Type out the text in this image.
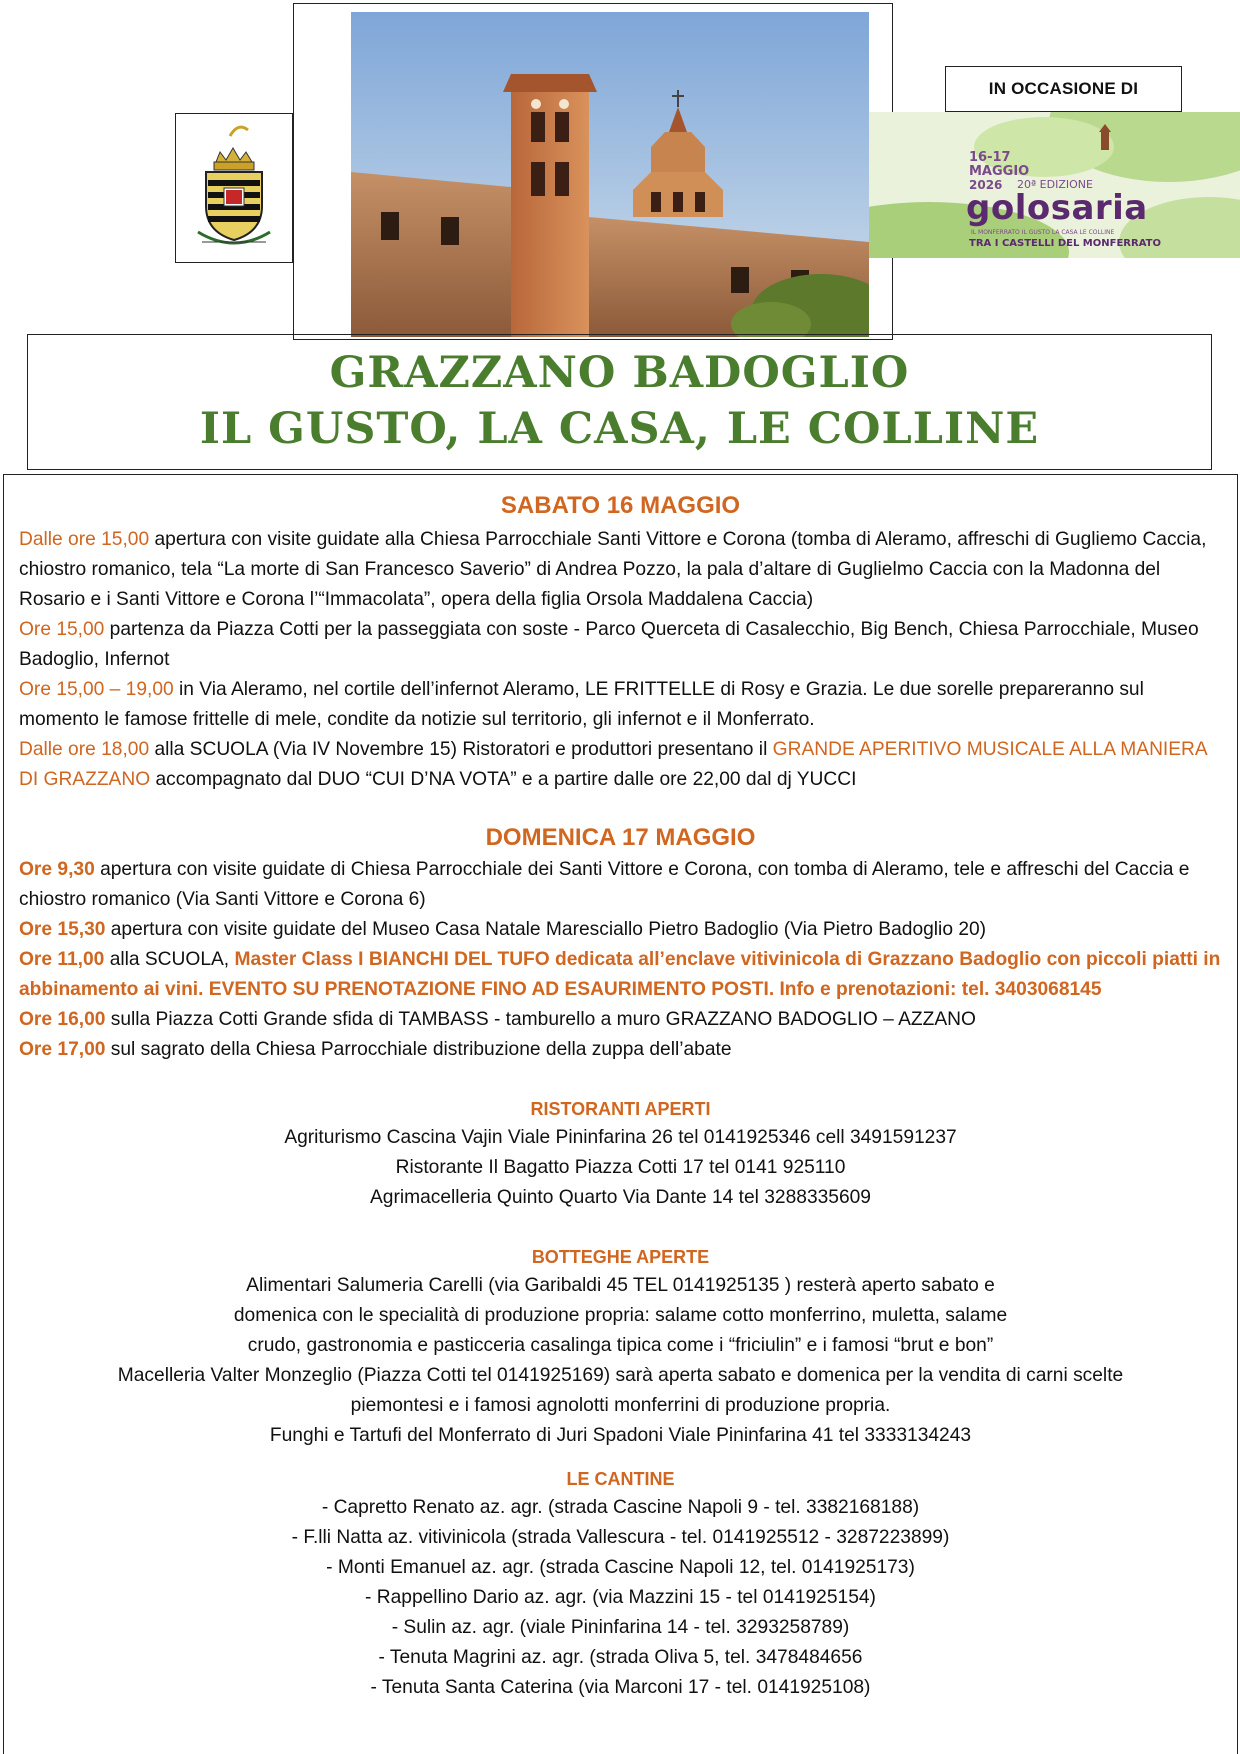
IN OCCASIONE DI
16-17
MAGGIO
2026 20ª EDIZIONE
golosaria
IL MONFERRATO IL GUSTO LA CASA LE COLLINE
TRA I CASTELLI DEL MONFERRATO
GRAZZANO BADOGLIO
IL GUSTO, LA CASA, LE COLLINE
SABATO 16 MAGGIO
Dalle ore 15,00 apertura con visite guidate alla Chiesa Parrocchiale Santi Vittore e Corona (tomba di Aleramo, affreschi di Gugliemo Caccia, chiostro romanico, tela “La morte di San Francesco Saverio” di Andrea Pozzo, la pala d’altare di Guglielmo Caccia con la Madonna del Rosario e i Santi Vittore e Corona l’“Immacolata”, opera della figlia Orsola Maddalena Caccia)
Ore 15,00 partenza da Piazza Cotti per la passeggiata con soste - Parco Querceta di Casalecchio, Big Bench, Chiesa Parrocchiale, Museo Badoglio, Infernot
Ore 15,00 – 19,00 in Via Aleramo, nel cortile dell’infernot Aleramo, LE FRITTELLE di Rosy e Grazia. Le due sorelle prepareranno sul momento le famose frittelle di mele, condite da notizie sul territorio, gli infernot e il Monferrato.
Dalle ore 18,00 alla SCUOLA (Via IV Novembre 15) Ristoratori e produttori presentano il GRANDE APERITIVO MUSICALE ALLA MANIERA DI GRAZZANO accompagnato dal DUO “CUI D’NA VOTA” e a partire dalle ore 22,00 dal dj YUCCI
DOMENICA 17 MAGGIO
Ore 9,30 apertura con visite guidate di Chiesa Parrocchiale dei Santi Vittore e Corona, con tomba di Aleramo, tele e affreschi del Caccia e chiostro romanico (Via Santi Vittore e Corona 6)
Ore 15,30 apertura con visite guidate del Museo Casa Natale Maresciallo Pietro Badoglio (Via Pietro Badoglio 20)
Ore 11,00 alla SCUOLA, Master Class I BIANCHI DEL TUFO dedicata all’enclave vitivinicola di Grazzano Badoglio con piccoli piatti in abbinamento ai vini. EVENTO SU PRENOTAZIONE FINO AD ESAURIMENTO POSTI. Info e prenotazioni: tel. 3403068145
Ore 16,00 sulla Piazza Cotti Grande sfida di TAMBASS - tamburello a muro GRAZZANO BADOGLIO – AZZANO
Ore 17,00 sul sagrato della Chiesa Parrocchiale distribuzione della zuppa dell’abate
RISTORANTI APERTI
Agriturismo Cascina Vajin Viale Pininfarina 26 tel 0141925346 cell 3491591237
Ristorante Il Bagatto Piazza Cotti 17 tel 0141 925110
Agrimacelleria Quinto Quarto Via Dante 14 tel 3288335609
BOTTEGHE APERTE
Alimentari Salumeria Carelli (via Garibaldi 45 TEL 0141925135 ) resterà aperto sabato e
domenica con le specialità di produzione propria: salame cotto monferrino, muletta, salame
crudo, gastronomia e pasticceria casalinga tipica come i “friciulin” e i famosi “brut e bon”
Macelleria Valter Monzeglio (Piazza Cotti tel 0141925169) sarà aperta sabato e domenica per la vendita di carni scelte
piemontesi e i famosi agnolotti monferrini di produzione propria.
Funghi e Tartufi del Monferrato di Juri Spadoni Viale Pininfarina 41 tel 3333134243
LE CANTINE
- Capretto Renato az. agr. (strada Cascine Napoli 9 - tel. 3382168188)
- F.lli Natta az. vitivinicola (strada Vallescura - tel. 0141925512 - 3287223899)
- Monti Emanuel az. agr. (strada Cascine Napoli 12, tel. 0141925173)
- Rappellino Dario az. agr. (via Mazzini 15 - tel 0141925154)
- Sulin az. agr. (viale Pininfarina 14 - tel. 3293258789)
- Tenuta Magrini az. agr. (strada Oliva 5, tel. 3478484656
- Tenuta Santa Caterina (via Marconi 17 - tel. 0141925108)
